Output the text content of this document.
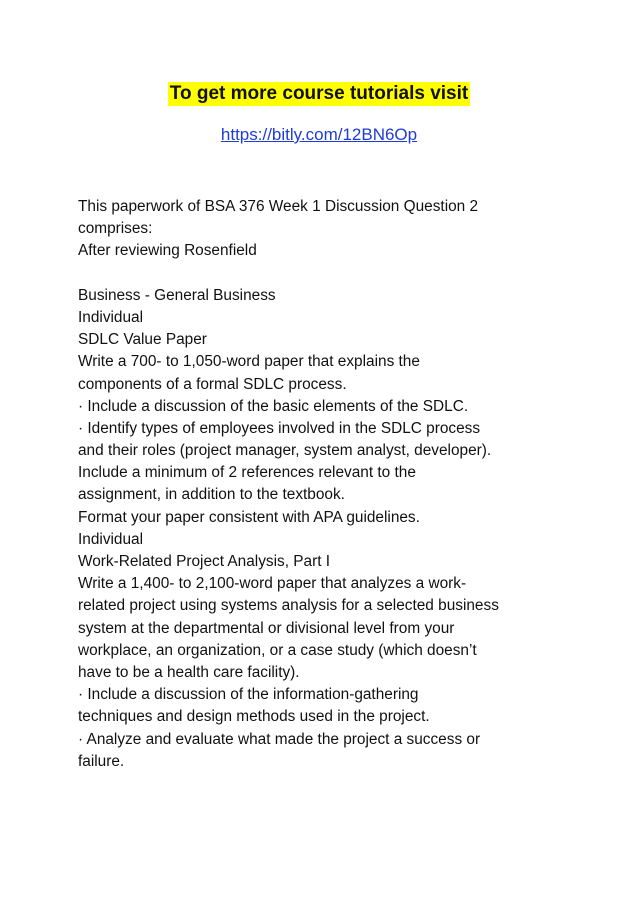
To get more course tutorials visit
https://bitly.com/12BN6Op
This paperwork of BSA 376 Week 1 Discussion Question 2
comprises:
After reviewing Rosenfield
Business - General Business
Individual
SDLC Value Paper
Write a 700- to 1,050-word paper that explains the
components of a formal SDLC process.
· Include a discussion of the basic elements of the SDLC.
· Identify types of employees involved in the SDLC process
and their roles (project manager, system analyst, developer).
Include a minimum of 2 references relevant to the
assignment, in addition to the textbook.
Format your paper consistent with APA guidelines.
Individual
Work-Related Project Analysis, Part I
Write a 1,400- to 2,100-word paper that analyzes a work-
related project using systems analysis for a selected business
system at the departmental or divisional level from your
workplace, an organization, or a case study (which doesn’t
have to be a health care facility).
· Include a discussion of the information-gathering
techniques and design methods used in the project.
· Analyze and evaluate what made the project a success or
failure.
